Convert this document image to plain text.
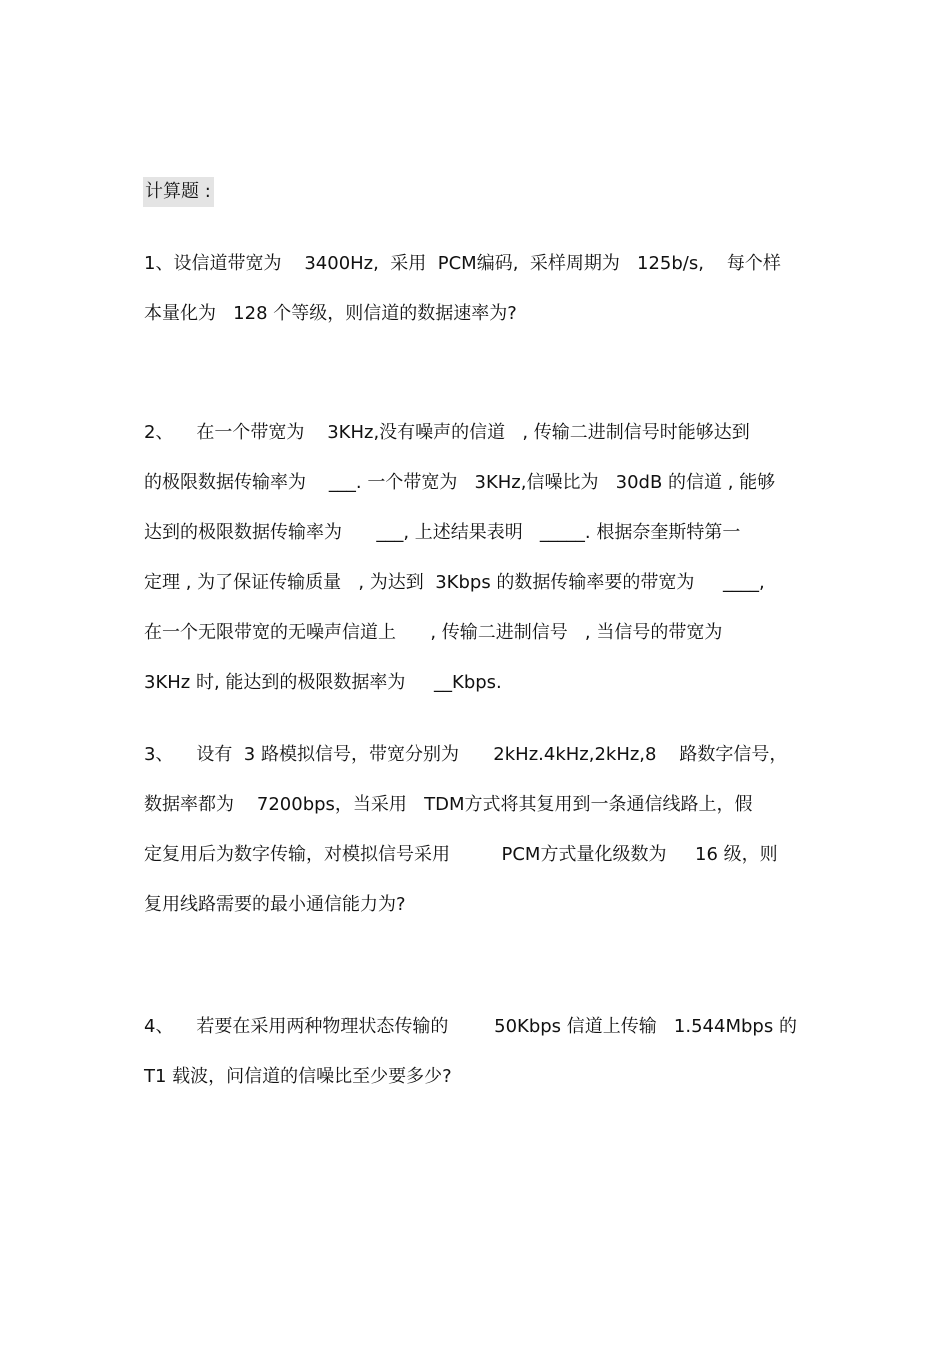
计算题 :
1、设信道带宽为    3400Hz,  采用  PCM编码,  采样周期为   125b/s,    每个样
本量化为   128 个等级，则信道的数据速率为?
2、    在一个带宽为    3KHz,没有噪声的信道   , 传输二进制信号时能够达到
的极限数据传输率为    ___. 一个带宽为   3KHz,信噪比为   30dB 的信道 , 能够
达到的极限数据传输率为      ___, 上述结果表明   _____. 根据奈奎斯特第一
定理 , 为了保证传输质量   , 为达到  3Kbps 的数据传输率要的带宽为     ____,
在一个无限带宽的无噪声信道上      , 传输二进制信号   , 当信号的带宽为
3KHz 时, 能达到的极限数据率为     __Kbps.
3、    设有  3 路模拟信号，带宽分别为      2kHz.4kHz,2kHz,8    路数字信号，
数据率都为    7200bps，当采用   TDM方式将其复用到一条通信线路上，假
定复用后为数字传输，对模拟信号采用         PCM方式量化级数为     16 级，则
复用线路需要的最小通信能力为?
4、    若要在采用两种物理状态传输的        50Kbps 信道上传输   1.544Mbps 的
T1 载波，问信道的信噪比至少要多少?
